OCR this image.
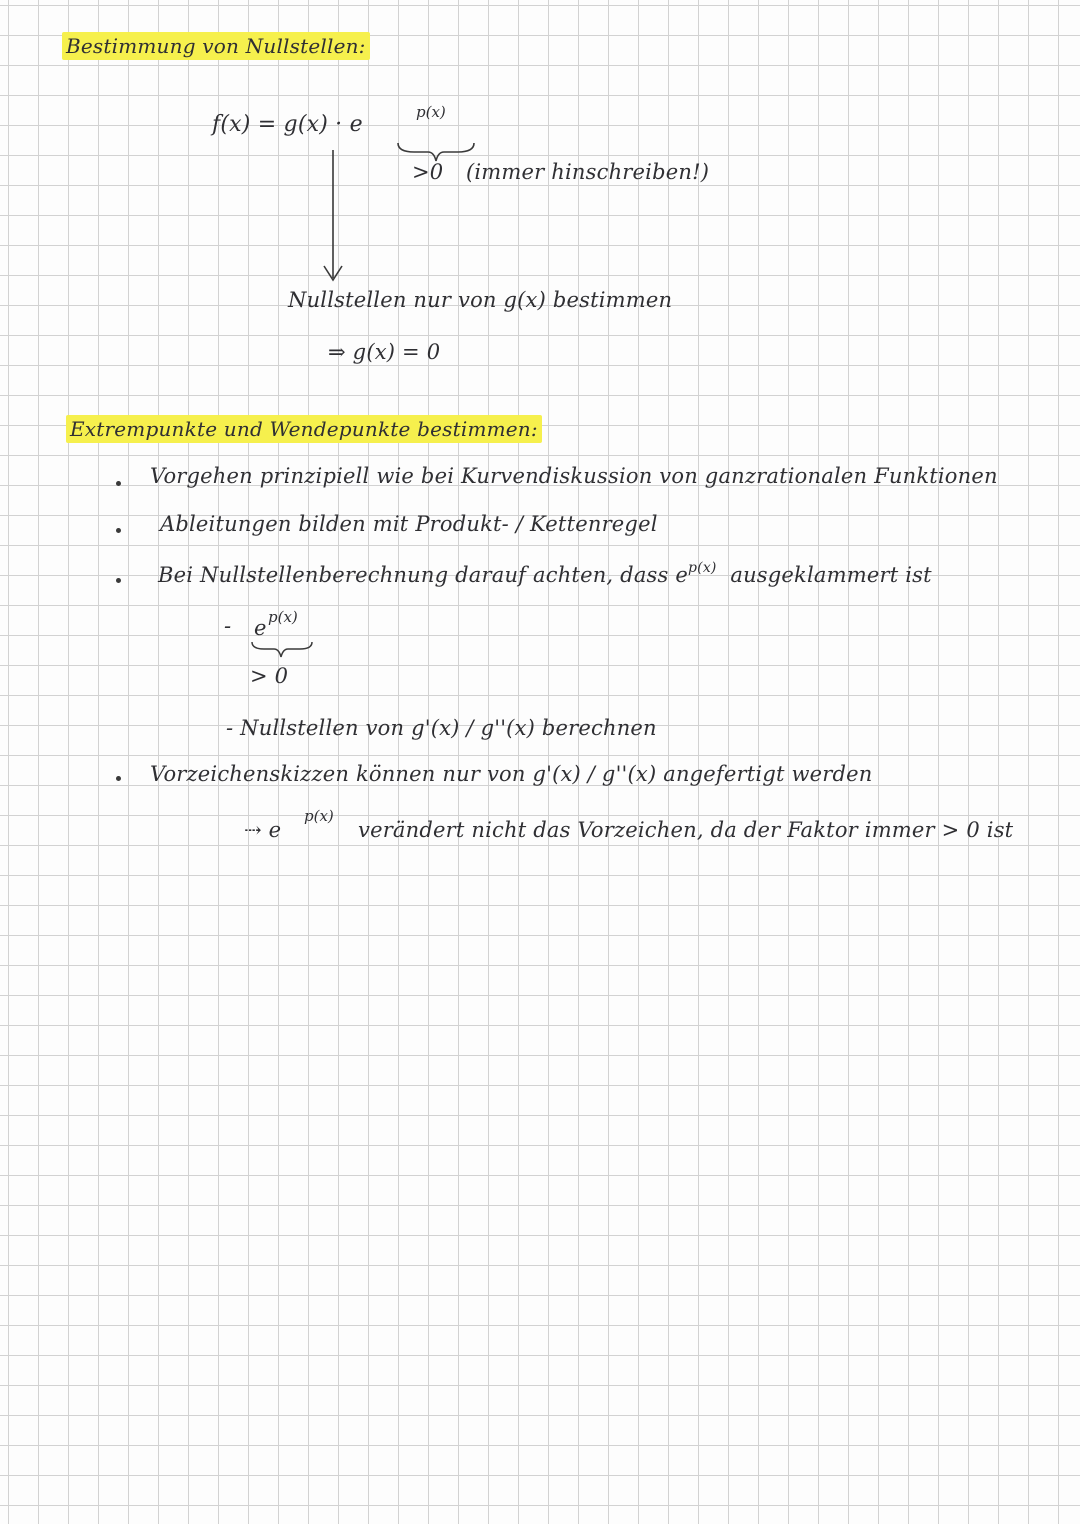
Bestimmung von Nullstellen:
f(x) = g(x) · e	p(x)
>0 (immer hinschreiben!)
Nullstellen nur von g(x) bestimmen
⇒ g(x) = 0
Extrempunkte und Wendepunkte bestimmen:
Vorgehen prinzipiell wie bei Kurvendiskussion von ganzrationalen Funktionen
Ableitungen bilden mit Produkt- / Kettenregel
Bei Nullstellenberechnung darauf achten, dass $e^{p(x)}$ ausgeklammert ist
- e p(x)
> 0
- Nullstellen von g'(x) / g''(x) berechnen
Vorzeichenskizzen können nur von g'(x) / g''(x) angefertigt werden
⇢ e
p(x)
verändert nicht das Vorzeichen, da der Faktor immer > 0 ist
